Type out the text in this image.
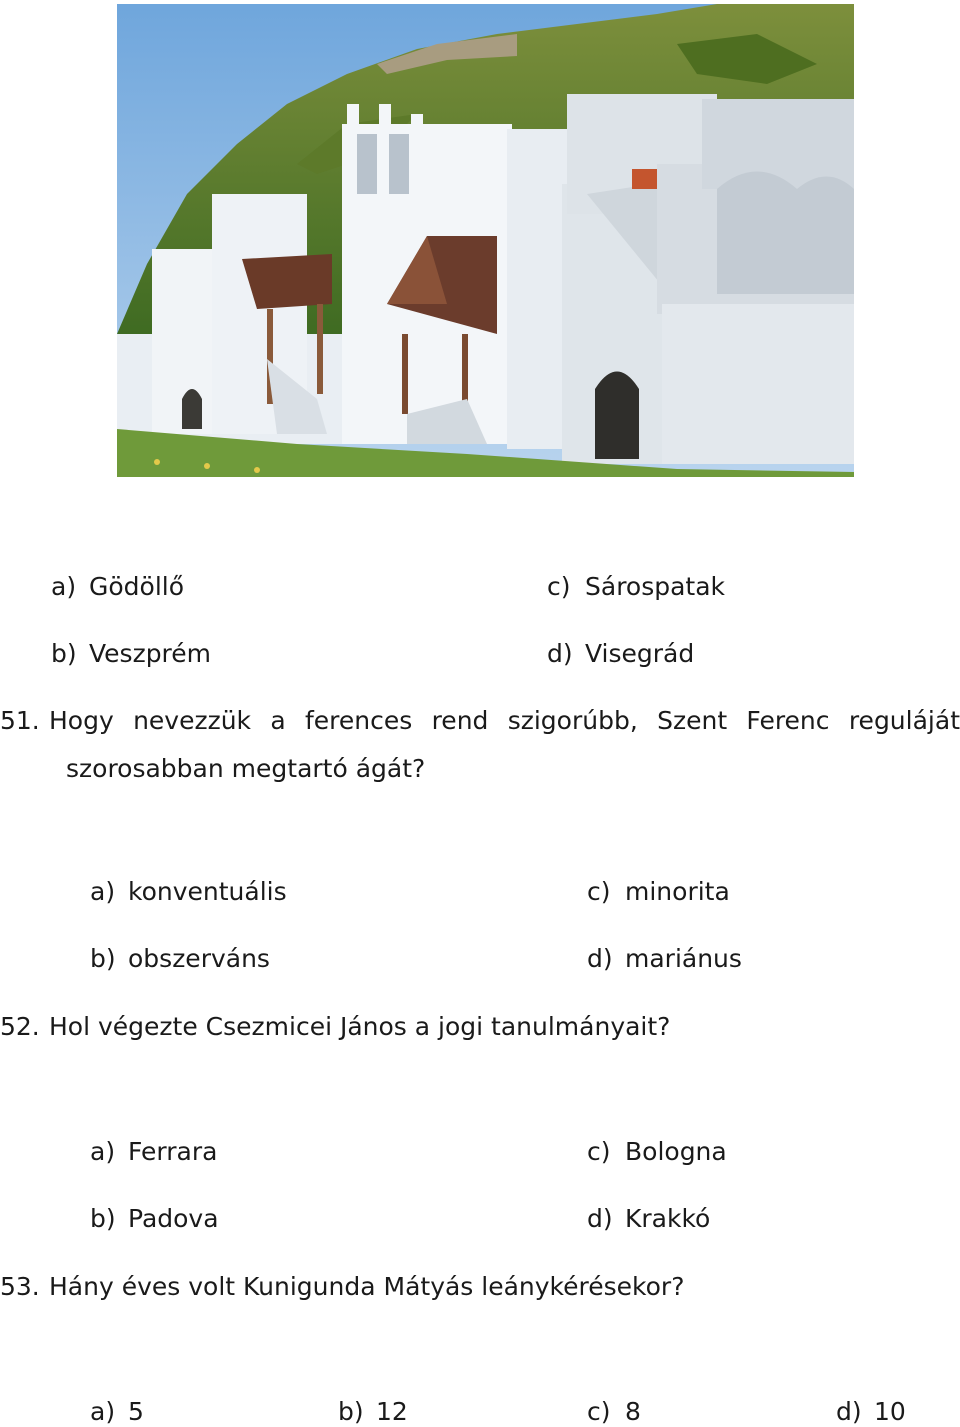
a) Gödöllő
b) Veszprém
c) Sárospatak
d) Visegrád
51. Hogy nevezzük a ferences rend szigorúbb, Szent Ferenc reguláját
szorosabban megtartó ágát?
a) konventuális
b) obszerváns
c) minorita
d) mariánus
52. Hol végezte Csezmicei János a jogi tanulmányait?
a) Ferrara
b) Padova
c) Bologna
d) Krakkó
53. Hány éves volt Kunigunda Mátyás leánykérésekor?
a) 5	b) 12	c) 8	d) 10
